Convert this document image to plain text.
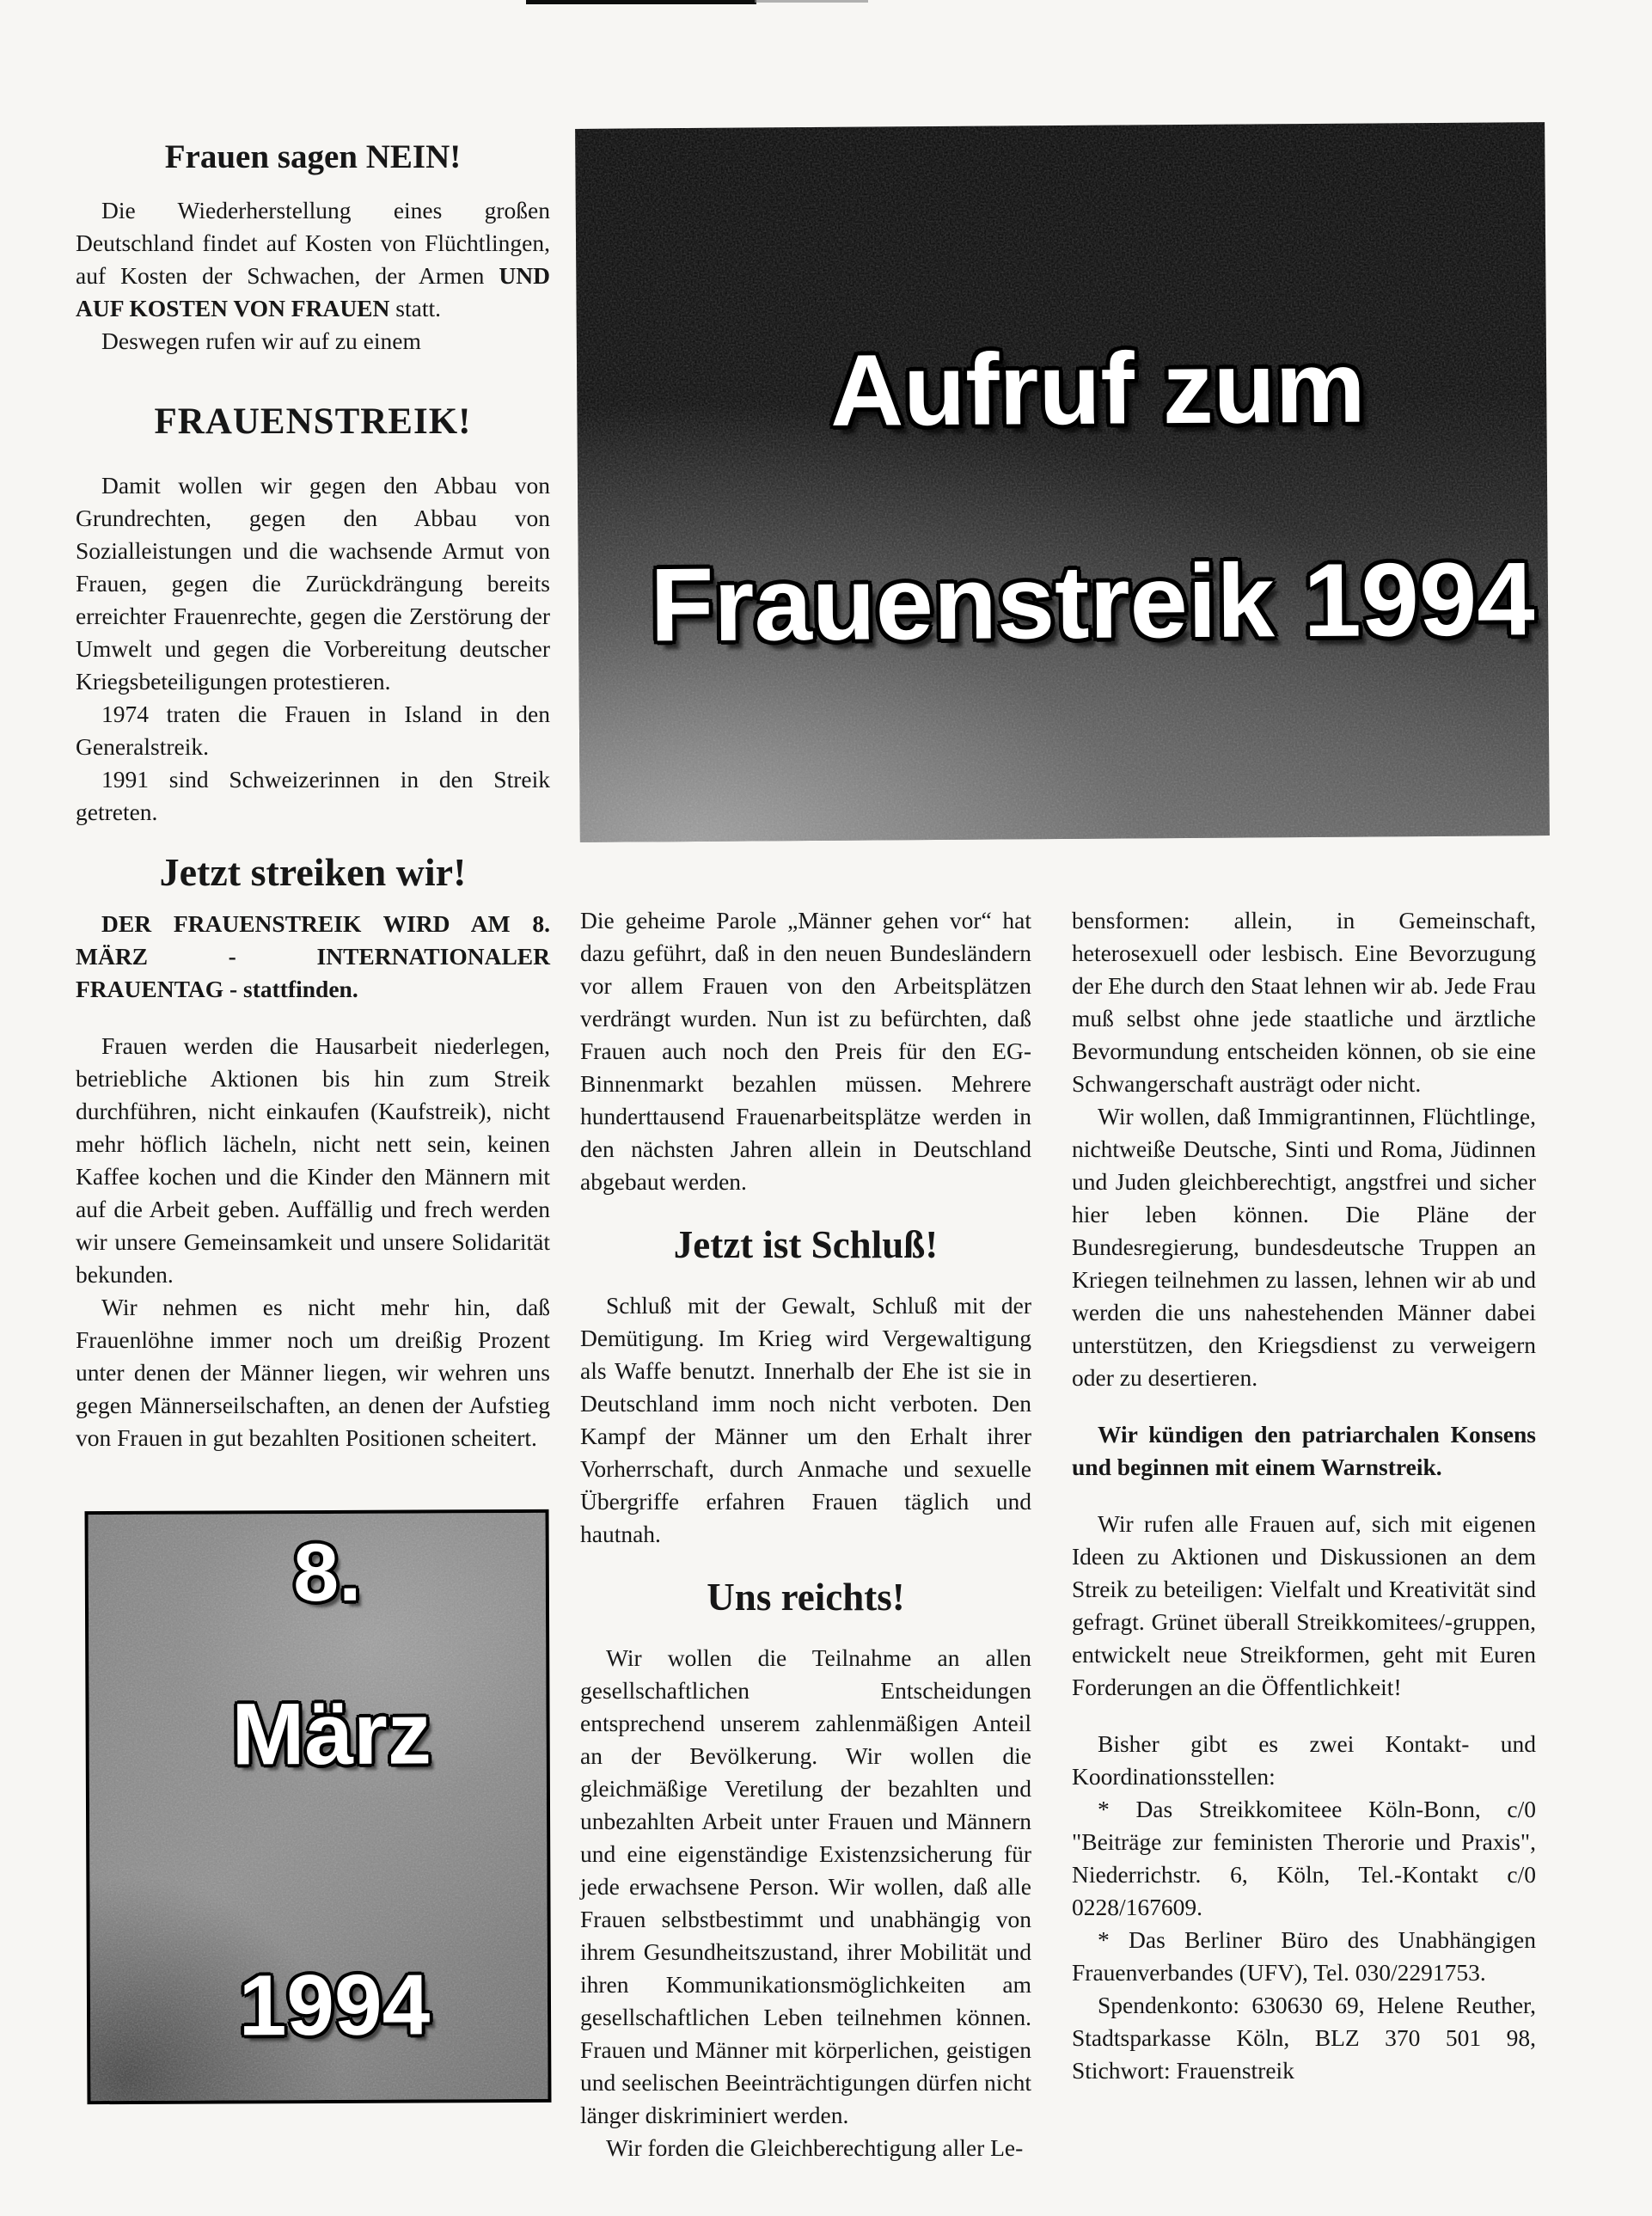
Frauen sagen NEIN!

Die Wiederherstellung eines großen Deutschland findet auf Kosten von Flüchtlingen, auf Kosten der Schwachen, der Armen UND AUF KOSTEN VON FRAUEN statt.

Deswegen rufen wir auf zu einem

FRAUENSTREIK!

Damit wollen wir gegen den Abbau von Grundrechten, gegen den Abbau von Sozialleistungen und die wachsende Armut von Frauen, gegen die Zurückdrängung bereits erreichter Frauenrechte, gegen die Zerstörung der Umwelt und gegen die Vorbereitung deutscher Kriegsbeteiligungen protestieren.

1974 traten die Frauen in Island in den Generalstreik.

1991 sind Schweizerinnen in den Streik getreten.

Jetzt streiken wir!

DER FRAUENSTREIK WIRD AM 8. MÄRZ - INTERNATIONALER FRAUENTAG - stattfinden.

Frauen werden die Hausarbeit niederlegen, betriebliche Aktionen bis hin zum Streik durchführen, nicht einkaufen (Kaufstreik), nicht mehr höflich lächeln, nicht nett sein, keinen Kaffee kochen und die Kinder den Männern mit auf die Arbeit geben. Auffällig und frech werden wir unsere Gemeinsamkeit und unsere Solidarität bekunden.

Wir nehmen es nicht mehr hin, daß Frauenlöhne immer noch um dreißig Prozent unter denen der Männer liegen, wir wehren uns gegen Männerseilschaften, an denen der Aufstieg von Frauen in gut bezahlten Positionen scheitert.

Aufruf zum
Frauenstreik 1994

Die geheime Parole „Männer gehen vor“ hat dazu geführt, daß in den neuen Bundesländern vor allem Frauen von den Arbeitsplätzen verdrängt wurden. Nun ist zu befürchten, daß Frauen auch noch den Preis für den EG-Binnenmarkt bezahlen müssen. Mehrere hunderttausend Frauenarbeitsplätze werden in den nächsten Jahren allein in Deutschland abgebaut werden.

Jetzt ist Schluß!

Schluß mit der Gewalt, Schluß mit der Demütigung. Im Krieg wird Vergewaltigung als Waffe benutzt. Innerhalb der Ehe ist sie in Deutschland imm noch nicht verboten. Den Kampf der Männer um den Erhalt ihrer Vorherrschaft, durch Anmache und sexuelle Übergriffe erfahren Frauen täglich und hautnah.

Uns reichts!

Wir wollen die Teilnahme an allen gesellschaftlichen Entscheidungen entsprechend unserem zahlenmäßigen Anteil an der Bevölkerung. Wir wollen die gleichmäßige Veretilung der bezahlten und unbezahlten Arbeit unter Frauen und Männern und eine eigenständige Existenzsicherung für jede erwachsene Person. Wir wollen, daß alle Frauen selbstbestimmt und unabhängig von ihrem Gesundheitszustand, ihrer Mobilität und ihren Kommunikationsmöglichkeiten am gesellschaftlichen Leben teilnehmen können. Frauen und Männer mit körperlichen, geistigen und seelischen Beeinträchtigungen dürfen nicht länger diskriminiert werden.

Wir forden die Gleichberechtigung aller Le-

bensformen: allein, in Gemeinschaft, heterosexuell oder lesbisch. Eine Bevorzugung der Ehe durch den Staat lehnen wir ab. Jede Frau muß selbst ohne jede staatliche und ärztliche Bevormundung entscheiden können, ob sie eine Schwangerschaft austrägt oder nicht.

Wir wollen, daß Immigrantinnen, Flüchtlinge, nichtweiße Deutsche, Sinti und Roma, Jüdinnen und Juden gleichberechtigt, angstfrei und sicher hier leben können. Die Pläne der Bundesregierung, bundesdeutsche Truppen an Kriegen teilnehmen zu lassen, lehnen wir ab und werden die uns nahestehenden Männer dabei unterstützen, den Kriegsdienst zu verweigern oder zu desertieren.

Wir kündigen den patriarchalen Konsens und beginnen mit einem Warnstreik.

Wir rufen alle Frauen auf, sich mit eigenen Ideen zu Aktionen und Diskussionen an dem Streik zu beteiligen: Vielfalt und Kreativität sind gefragt. Grünet überall Streikkomitees/-gruppen, entwickelt neue Streikformen, geht mit Euren Forderungen an die Öffentlichkeit!

Bisher gibt es zwei Kontakt- und Koordinationsstellen:

* Das Streikkomiteee Köln-Bonn, c/0 "Beiträge zur feministen Therorie und Praxis", Niederrichstr. 6, Köln, Tel.-Kontakt c/0 0228/167609.

* Das Berliner Büro des Unabhängigen Frauenverbandes (UFV), Tel. 030/2291753.

Spendenkonto: 630630 69, Helene Reuther, Stadtsparkasse Köln, BLZ 370 501 98, Stichwort: Frauenstreik

8.
März
1994
